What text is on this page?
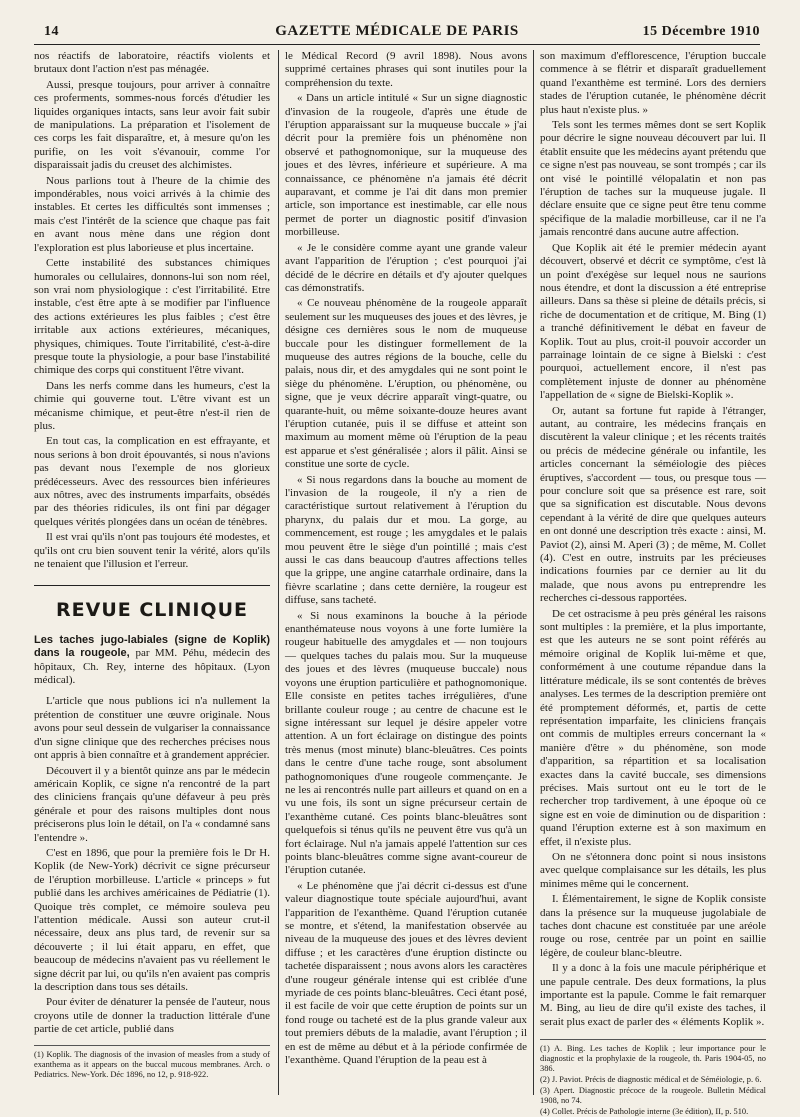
14	GAZETTE MÉDICALE DE PARIS	15 Décembre 1910

nos réactifs de laboratoire, réactifs violents et brutaux dont l'action n'est pas ménagée.

Aussi, presque toujours, pour arriver à connaître ces proferments, sommes-nous forcés d'étudier les liquides organiques intacts, sans leur avoir fait subir de manipulations. La préparation et l'isolement de ces corps les fait disparaître, et, à mesure qu'on les purifie, on les voit s'évanouir, comme l'or disparaissait jadis du creuset des alchimistes.

Nous parlions tout à l'heure de la chimie des impondérables, nous voici arrivés à la chimie des instables. Et certes les difficultés sont immenses ; mais c'est l'intérêt de la science que chaque pas fait en avant nous mène dans une région dont l'exploration est plus laborieuse et plus incertaine.

Cette instabilité des substances chimiques humorales ou cellulaires, donnons-lui son nom réel, son vrai nom physiologique : c'est l'irritabilité. Etre instable, c'est être apte à se modifier par l'influence des actions extérieures les plus faibles ; c'est être irritable aux actions extérieures, mécaniques, physiques, chimiques. Toute l'irritabilité, c'est-à-dire presque toute la physiologie, a pour base l'instabilité chimique des corps qui constituent l'être vivant.

Dans les nerfs comme dans les humeurs, c'est la chimie qui gouverne tout. L'être vivant est un mécanisme chimique, et peut-être n'est-il rien de plus.

En tout cas, la complication en est effrayante, et nous serions à bon droit épouvantés, si nous n'avions pas devant nous l'exemple de nos glorieux prédécesseurs. Avec des ressources bien inférieures aux nôtres, avec des instruments imparfaits, obsédés par des théories ridicules, ils ont fini par dégager quelques vérités plongées dans un océan de ténèbres.

Il est vrai qu'ils n'ont pas toujours été modestes, et qu'ils ont cru bien souvent tenir la vérité, alors qu'ils ne tenaient que l'illusion et l'erreur.

REVUE CLINIQUE

Les taches jugo-labiales (signe de Koplik) dans la rougeole, par MM. Péhu, médecin des hôpitaux, Ch. Rey, interne des hôpitaux. (Lyon médical).

L'article que nous publions ici n'a nullement la prétention de constituer une œuvre originale. Nous avons pour seul dessein de vulgariser la connaissance d'un signe clinique que des recherches précises nous ont appris à bien connaître et à grandement apprécier.

Découvert il y a bientôt quinze ans par le médecin américain Koplik, ce signe n'a rencontré de la part des cliniciens français qu'une défaveur à peu près générale et pour des raisons multiples dont nous préciserons plus loin le détail, on l'a « condamné sans l'entendre ».

C'est en 1896, que pour la première fois le Dr H. Koplik (de New-York) décrivit ce signe précurseur de l'éruption morbilleuse. L'article « princeps » fut publié dans les archives américaines de Pédiatrie (1). Quoique très complet, ce mémoire souleva peu l'attention médicale. Aussi son auteur crut-il nécessaire, deux ans plus tard, de revenir sur sa découverte ; il lui était apparu, en effet, que beaucoup de médecins n'avaient pas vu réellement le signe décrit par lui, ou qu'ils n'en avaient pas compris la description dans tous ses détails.

Pour éviter de dénaturer la pensée de l'auteur, nous croyons utile de donner la traduction littérale d'une partie de cet article, publié dans

(1) Koplik. The diagnosis of the invasion of measles from a study of exanthema as it appears on the buccal mucous membranes. Arch. o Pediatrics. New-York. Déc 1896, no 12, p. 918-922.

le Médical Record (9 avril 1898). Nous avons supprimé certaines phrases qui sont inutiles pour la compréhension du texte.

« Dans un article intitulé « Sur un signe diagnostic d'invasion de la rougeole, d'après une étude de l'éruption apparaissant sur la muqueuse buccale » j'ai décrit pour la première fois un phénomène non observé et pathognomonique, sur la muqueuse des joues et des lèvres, inférieure et supérieure. A ma connaissance, ce phénomène n'a jamais été décrit auparavant, et comme je l'ai dit dans mon premier article, son importance est inestimable, car elle nous permet de porter un diagnostic positif d'invasion morbilleuse.

« Je le considère comme ayant une grande valeur avant l'apparition de l'éruption ; c'est pourquoi j'ai décidé de le décrire en détails et d'y ajouter quelques cas démonstratifs.

« Ce nouveau phénomène de la rougeole apparaît seulement sur les muqueuses des joues et des lèvres, je désigne ces dernières sous le nom de muqueuse buccale pour les distinguer formellement de la muqueuse des autres régions de la bouche, celle du palais, nous dir, et des amygdales qui ne sont point le siège du phénomène. L'éruption, ou phénomène, ou signe, que je veux décrire apparaît vingt-quatre, ou quarante-huit, ou même soixante-douze heures avant l'éruption cutanée, puis il se diffuse et atteint son maximum au moment même où l'éruption de la peau est apparue et s'est généralisée ; alors il pâlit. Ainsi se constitue une sorte de cycle.

« Si nous regardons dans la bouche au moment de l'invasion de la rougeole, il n'y a rien de caractéristique surtout relativement à l'éruption du pharynx, du palais dur et mou. La gorge, au commencement, est rouge ; les amygdales et le palais mou peuvent être le siège d'un pointillé ; mais c'est aussi le cas dans beaucoup d'autres affections telles que la grippe, une angine catarrhale ordinaire, dans la fièvre scarlatine ; dans cette dernière, la rougeur est diffuse, sans tacheté.

« Si nous examinons la bouche à la période enanthémateuse nous voyons à une forte lumière la rougeur habituelle des amygdales et — non toujours — quelques taches du palais mou. Sur la muqueuse des joues et des lèvres (muqueuse buccale) nous voyons une éruption particulière et pathognomonique. Elle consiste en petites taches irrégulières, d'une brillante couleur rouge ; au centre de chacune est le signe intéressant sur lequel je désire appeler votre attention. A un fort éclairage on distingue des points très menus (most minute) blanc-bleuâtres. Ces points dans le centre d'une tache rouge, sont absolument pathognomoniques d'une rougeole commençante. Je ne les ai rencontrés nulle part ailleurs et quand on en a vu une fois, ils sont un signe précurseur certain de l'exanthème cutané. Ces points blanc-bleuâtres sont quelquefois si ténus qu'ils ne peuvent être vus qu'à un fort éclairage. Nul n'a jamais appelé l'attention sur ces points blanc-bleuâtres comme signe avant-coureur de l'éruption cutanée.

« Le phénomène que j'ai décrit ci-dessus est d'une valeur diagnostique toute spéciale aujourd'hui, avant l'apparition de l'exanthème. Quand l'éruption cutanée se montre, et s'étend, la manifestation observée au niveau de la muqueuse des joues et des lèvres devient diffuse ; et les caractères d'une éruption distincte ou tachetée disparaissent ; nous avons alors les caractères d'une rougeur générale intense qui est criblée d'une myriade de ces points blanc-bleuâtres. Ceci étant posé, il est facile de voir que cette éruption de points sur un fond rouge ou tacheté est de la plus grande valeur aux tout premiers débuts de la maladie, avant l'éruption ; il en est de même au début et à la période confirmée de l'exanthème. Quand l'éruption de la peau est à

son maximum d'efflorescence, l'éruption buccale commence à se flétrir et disparaît graduellement quand l'exanthème est terminé. Lors des derniers stades de l'éruption cutanée, le phénomène décrit plus haut n'existe plus. »

Tels sont les termes mêmes dont se sert Koplik pour décrire le signe nouveau découvert par lui. Il établit ensuite que les médecins ayant prétendu que ce signe n'est pas nouveau, se sont trompés ; car ils ont visé le pointillé vélopalatin et non pas l'éruption de taches sur la muqueuse jugale. Il déclare ensuite que ce signe peut être tenu comme spécifique de la maladie morbilleuse, car il ne l'a jamais rencontré dans aucune autre affection.

Que Koplik ait été le premier médecin ayant découvert, observé et décrit ce symptôme, c'est là un point d'exégèse sur lequel nous ne saurions nous étendre, et dont la discussion a été entreprise ailleurs. Dans sa thèse si pleine de détails précis, si riche de documentation et de critique, M. Bing (1) a tranché définitivement le débat en faveur de Koplik. Tout au plus, croit-il pouvoir accorder un parrainage lointain de ce signe à Bielski : c'est pourquoi, actuellement encore, il n'est pas complètement injuste de donner au phénomène l'appellation de « signe de Bielski-Koplik ».

Or, autant sa fortune fut rapide à l'étranger, autant, au contraire, les médecins français en discutèrent la valeur clinique ; et les récents traités ou précis de médecine générale ou infantile, les articles concernant la séméiologie des pièces éruptives, s'accordent — tous, ou presque tous — pour conclure soit que sa présence est rare, soit que sa signification est discutable. Nous devons cependant à la vérité de dire que quelques auteurs en ont donné une description très exacte : ainsi, M. Paviot (2), ainsi M. Aperi (3) ; de même, M. Collet (4). C'est en outre, instruits par les précieuses indications fournies par ce dernier au lit du malade, que nous avons pu entreprendre les recherches ci-dessous rapportées.

De cet ostracisme à peu près général les raisons sont multiples : la première, et la plus importante, est que les auteurs ne se sont point référés au mémoire original de Koplik lui-même et que, conformément à une coutume répandue dans la littérature médicale, ils se sont contentés de brèves analyses. Les termes de la description première ont été promptement déformés, et, partis de cette représentation imparfaite, les cliniciens français ont commis de multiples erreurs concernant la « manière d'être » du phénomène, son mode d'apparition, sa répartition et sa localisation exactes dans la cavité buccale, ses dimensions précises. Mais surtout ont eu le tort de le rechercher trop tardivement, à une époque où ce signe est en voie de diminution ou de disparition : quand l'éruption externe est à son maximum en effet, il n'existe plus.

On ne s'étonnera donc point si nous insistons avec quelque complaisance sur les détails, les plus minimes même qui le concernent.

I. Élémentairement, le signe de Koplik consiste dans la présence sur la muqueuse jugolabiale de taches dont chacune est constituée par une aréole rouge ou rose, centrée par un point en saillie légère, de couleur blanc-bleutre.

Il y a donc à la fois une macule périphérique et une papule centrale. Des deux formations, la plus importante est la papule. Comme le fait remarquer M. Bing, au lieu de dire qu'il existe des taches, il serait plus exact de parler des « éléments Koplik ».

(1) A. Bing. Les taches de Koplik ; leur importance pour le diagnostic et la prophylaxie de la rougeole, th. Paris 1904-05, no 386.

(2) J. Paviot. Précis de diagnostic médical et de Séméiologie, p. 6.

(3) Apert. Diagnostic précoce de la rougeole. Bulletin Médical 1908, no 74.

(4) Collet. Précis de Pathologie interne (3e édition), II, p. 510.
